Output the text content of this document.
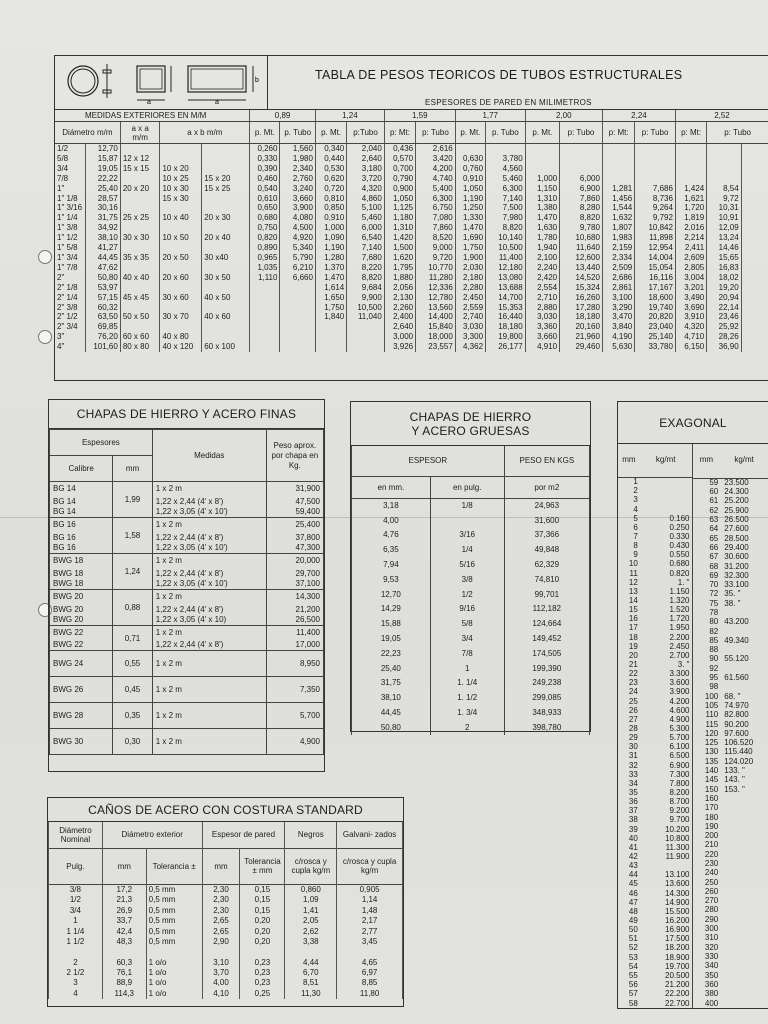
a	a
b	TABLA DE PESOS TEORICOS DE TUBOS ESTRUCTURALES
ESPESORES DE PARED EN MILIMETROS
MEDIDAS EXTERIORES EN M/M					0,89		1,24		1,59		1,77		2,00		2,24		2,52		
Diámetro m/m		a x a m/m	a x b m/m		p. Mt.	p. Tubo	p. Mt.	p:Tubo	p: Mt:	p: Tubo	p. Mt.	p. Tubo	p. Mt.	p: Tubo	p: Mt:	p: Tubo	p: Mt:	p: Tubo	
1/2	12,70				0,260	1,560	0,340	2,040	0,436	2,616									
5/8	15,87	12 x 12			0,330	1,980	0,440	2,640	0,570	3,420	0,630	3,780							
3/4	19,05	15 x 15	10 x 20		0,390	2,340	0,530	3,180	0,700	4,200	0,760	4,560							
7/8	22,22		10 x 25	15 x 20	0,460	2,760	0,620	3,720	0,790	4,740	0,910	5,460	1,000	6,000					
1"	25,40	20 x 20	10 x 30	15 x 25	0,540	3,240	0,720	4,320	0,900	5,400	1,050	6,300	1,150	6,900	1,281	7,686	1,424	8,54	
1" 1/8	28,57		15 x 30		0,610	3,660	0,810	4,860	1,050	6,300	1,190	7,140	1,310	7,860	1,456	8,736	1,621	9,72	
1" 3/16	30,16				0,650	3,900	0,850	5,100	1,125	6,750	1,250	7,500	1,380	8,280	1,544	9,264	1,720	10,31	
1" 1/4	31,75	25 x 25	10 x 40	20 x 30	0,680	4,080	0,910	5,460	1,180	7,080	1,330	7,980	1,470	8,820	1,632	9,792	1,819	10,91	
1" 3/8	34,92				0,750	4,500	1,000	6,000	1,310	7,860	1,470	8,820	1,630	9,780	1,807	10,842	2,016	12,09	
1" 1/2	38,10	30 x 30	10 x 50	20 x 40	0,820	4,920	1,090	6,540	1,420	8,520	1,690	10,140	1,780	10,680	1,983	11,898	2,214	13,24	
1" 5/8	41,27				0,890	5,340	1,190	7,140	1,500	9,000	1,750	10,500	1,940	11,640	2,159	12,954	2,411	14,46	
1" 3/4	44,45	35 x 35	20 x 50	30 x40	0,965	5,790	1,280	7,680	1,620	9,720	1,900	11,400	2,100	12,600	2,334	14,004	2,609	15,65	
1" 7/8	47,62				1,035	6,210	1,370	8,220	1,795	10,770	2,030	12,180	2,240	13,440	2,509	15,054	2,805	16,83	
2"	50,80	40 x 40	20 x 60	30 x 50	1,110	6,660	1,470	8,820	1,880	11,280	2,180	13,080	2,420	14,520	2,686	16,116	3,004	18,02	
2" 1/8	53,97						1,614	9,684	2,056	12,336	2,280	13,688	2,554	15,324	2,861	17,167	3,201	19,20	
2" 1/4	57,15	45 x 45	30 x 60	40 x 50			1,650	9,900	2,130	12,780	2,450	14,700	2,710	16,260	3,100	18,600	3,490	20,94	
2" 3/8	60,32						1,750	10,500	2,260	13,560	2,559	15,353	2,880	17,280	3,290	19,740	3,690	22,14	
2" 1/2	63,50	50 x 50	30 x 70	40 x 60			1,840	11,040	2,400	14,400	2,740	16,440	3,030	18,180	3,470	20,820	3,910	23,46	
2" 3/4	69,85								2,640	15,840	3,030	18,180	3,360	20,160	3,840	23,040	4,320	25,92	
3"	76,20	60 x 60	40 x 80						3,000	18,000	3,300	19,800	3,660	21,960	4,190	25,140	4,710	28,26	
4"	101,60	80 x 80	40 x 120	60 x 100					3,926	23,557	4,362	26,177	4,910	29,460	5,630	33,780	6,150	36,90	
CHAPAS DE HIERRO Y ACERO FINAS
Espesores		Medidas	Peso aprox. por chapa en Kg.
Calibre	mm		
BG 14	1,99	1 x 2 m	31,900
BG 14		1,22 x 2,44 (4' x 8')	47,500
BG 14		1,22 x 3,05 (4' x 10')	59,400
BG 16	1,58	1 x 2 m	25,400
BG 16		1,22 x 2,44 (4' x 8')	37,800
BG 16		1,22 x 3,05 (4' x 10')	47,300
BWG 18	1,24	1 x 2 m	20,000
BWG 18		1,22 x 2,44 (4' x 8')	29,700
BWG 18		1,22 x 3,05 (4' x 10')	37,100
BWG 20	0,88	1 x 2 m	14,300
BWG 20		1,22 x 2,44 (4' x 8')	21,200
BWG 20		1,22 x 3,05 (4' x 10)	26,500
BWG 22	0,71	1 x 2 m	11,400
BWG 22		1,22 x 2,44 (4' x 8')	17,000
BWG 24	0,55	1 x 2 m	8,950
BWG 26	0,45	1 x 2 m	7,350
BWG 28	0,35	1 x 2 m	5,700
BWG 30	0,30	1 x 2 m	4,900
CHAPAS DE HIERRO
Y ACERO GRUESAS
ESPESOR		PESO EN KGS
en mm.	en pulg.	por m2
3,18	1/8	24,963
4,00		31,600
4,76	3/16	37,366
6,35	1/4	49,848
7,94	5/16	62,329
9,53	3/8	74,810
12,70	1/2	99,701
14,29	9/16	112,182
15,88	5/8	124,664
19,05	3/4	149,452
22,23	7/8	174,505
25,40	1	199,390
31,75	1. 1/4	249,238
38,10	1. 1/2	299,085
44,45	1. 3/4	348,933
50,80	2	398,780
EXAGONAL
mm	kg/mt
1	
2	
3	
4	
5	0.160
6	0.250
7	0.330
8	0.430
9	0.550
10	0.680
11	0.820
12	1. "
13	1.150
14	1.320
15	1.520
16	1.720
17	1.950
18	2.200
19	2.450
20	2.700
21	3. "
22	3.300
23	3.600
24	3.900
25	4.200
26	4.600
27	4.900
28	5.300
29	5.700
30	6.100
31	6.500
32	6.900
33	7.300
34	7.800
35	8.200
36	8.700
37	9.200
38	9.700
39	10.200
40	10.800
41	11.300
42	11.900
43	
44	13.100
45	13.600
46	14.300
47	14.900
48	15.500
49	16.200
50	16.900
51	17.500
52	18.200
53	18.900
54	19.700
55	20.500
56	21.200
57	22.200
58	22.700
mm	kg/mt
59	23.500
60	24.300
61	25.200
62	25.900
63	26.500
64	27.600
65	28.500
66	29.400
67	30.600
68	31.200
69	32.300
70	33.100
72	35. "
75	38. "
78	
80	43.200
82	
85	49.340
88	
90	55.120
92	
95	61.560
98	
100	68. "
105	74.970
110	82.800
115	90.200
120	97.600
125	106.520
130	115.440
135	124.020
140	133. "
145	143. "
150	153. "
160	
170	
180	
190	
200	
210	
220	
230	
240	
250	
260	
270	
280	
290	
300	
310	
320	
330	
340	
350	
360	
380	
400	
CAÑOS DE ACERO CON COSTURA STANDARD
Diámetro Nominal	Diámetro exterior		Espesor de pared		Negros	Galvani- zados
Pulg.	mm	Tolerancia ±	mm	Tolerancia ± mm	c/rosca y cupla kg/m	c/rosca y cupla kg/m
3/8	17,2	0,5 mm	2,30	0,15	0,860	0,905
1/2	21,3	0,5 mm	2,30	0,15	1,09	1,14
3/4	26,9	0,5 mm	2,30	0,15	1,41	1,48
1	33,7	0,5 mm	2,65	0,20	2,05	2,17
1 1/4	42,4	0,5 mm	2,65	0,20	2,62	2,77
1 1/2	48,3	0,5 mm	2,90	0,20	3,38	3,45
2	60,3	1 o/o	3,10	0,23	4,44	4,65
2 1/2	76,1	1 o/o	3,70	0,23	6,70	6,97
3	88,9	1 o/o	4,00	0,23	8,51	8,85
4	114,3	1 o/o	4,10	0,25	11,30	11,80
